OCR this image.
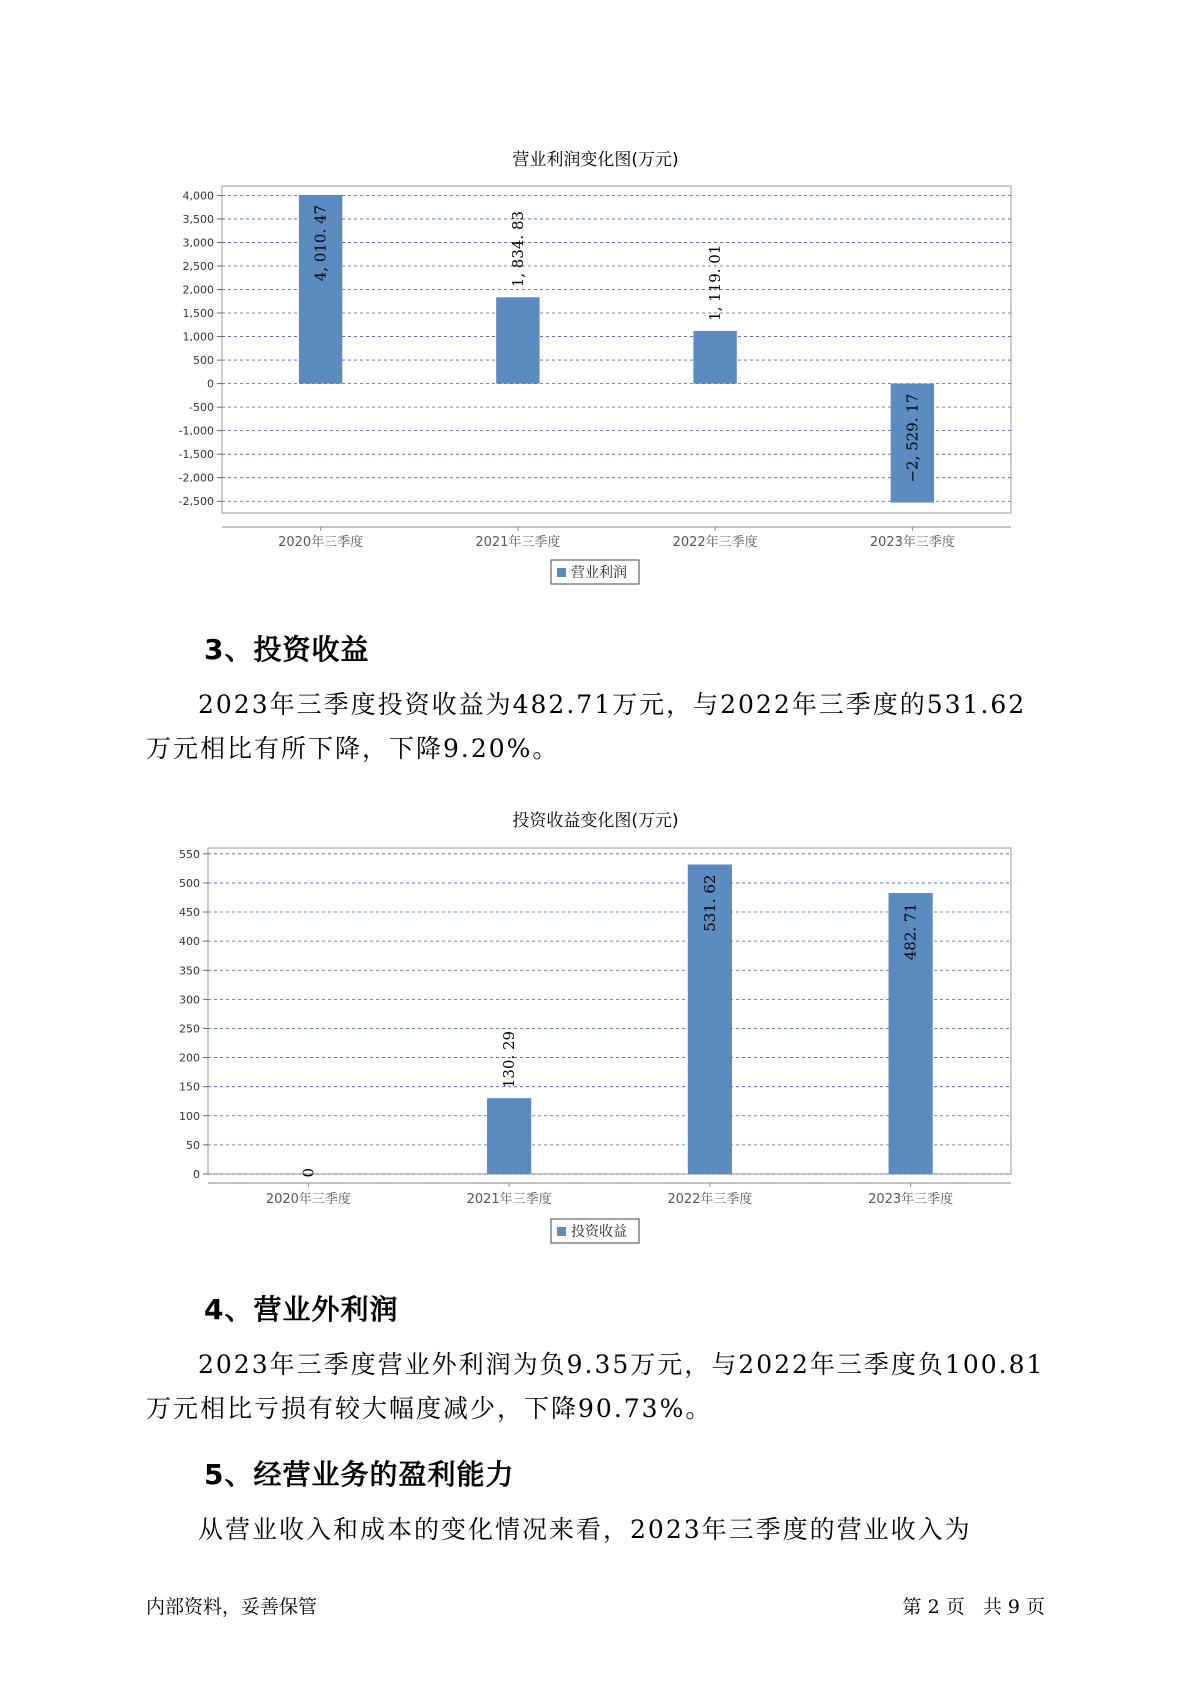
营业利润变化图(万元)
4,000
3,500
3,000
2,500
2,000
1,500
1,000
500
0
-500
-1,000
-1,500
-2,000
-2,500
2020年三季度
4, 010. 47
2021年三季度
1, 834. 83
2022年三季度
1, 119. 01
2023年三季度
−2, 529. 17
营业利润
3、投资收益
2023年三季度投资收益为482.71万元，与2022年三季度的531.62万元相比有所下降，下降9.20%。
投资收益变化图(万元)
550
500
450
400
350
300
250
200
150
100
50
0
2020年三季度
0
2021年三季度
130. 29
2022年三季度
531. 62
2023年三季度
482. 71
投资收益
4、营业外利润
2023年三季度营业外利润为负9.35万元，与2022年三季度负100.81万元相比亏损有较大幅度减少，下降90.73%。
5、经营业务的盈利能力
从营业收入和成本的变化情况来看，2023年三季度的营业收入为
内部资料，妥善保管	第 2 页   共 9 页
